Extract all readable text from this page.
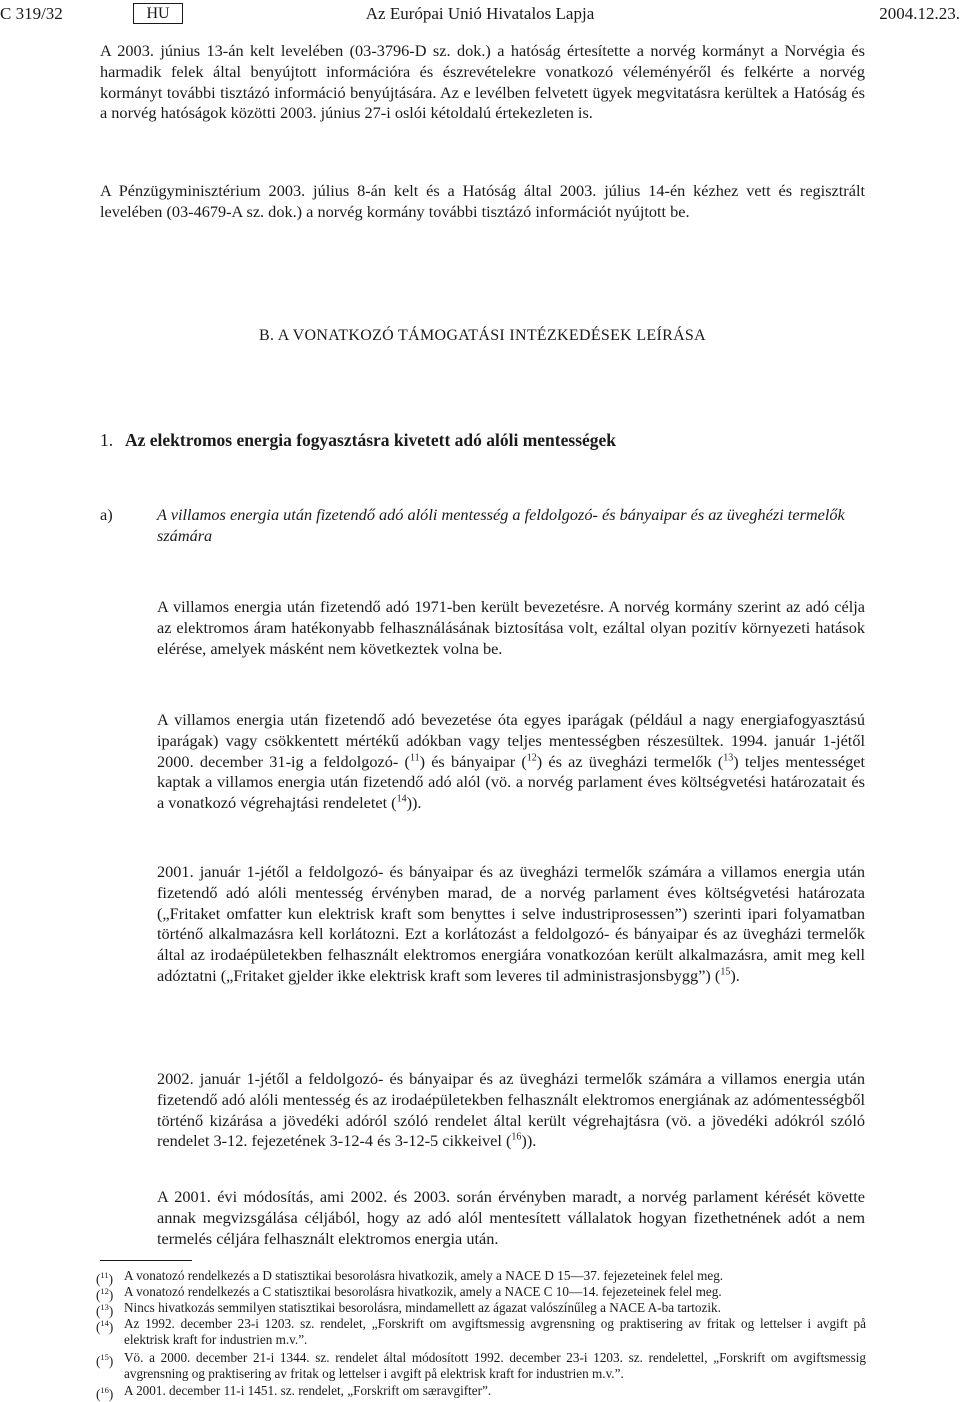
C 319/32	HU	Az Európai Unió Hivatalos Lapja	2004.12.23.

A 2003. június 13-án kelt levelében (03-3796-D sz. dok.) a hatóság értesítette a norvég kormányt a Norvégia és harmadik felek által benyújtott információra és észrevételekre vonatkozó véleményéről és felkérte a norvég kormányt további tisztázó információ benyújtására. Az e levélben felvetett ügyek megvitatásra kerültek a Hatóság és a norvég hatóságok közötti 2003. június 27-i oslói kétoldalú értekezleten is.

A Pénzügyminisztérium 2003. július 8-án kelt és a Hatóság által 2003. július 14-én kézhez vett és regisztrált levelében (03-4679-A sz. dok.) a norvég kormány további tisztázó információt nyújtott be.

B. A VONATKOZÓ TÁMOGATÁSI INTÉZKEDÉSEK LEÍRÁSA
1. Az elektromos energia fogyasztásra kivetett adó alóli mentességek
a)	A villamos energia után fizetendő adó alóli mentesség a feldolgozó- és bányaipar és az üveghézi termelők számára

A villamos energia után fizetendő adó 1971-ben került bevezetésre. A norvég kormány szerint az adó célja az elektromos áram hatékonyabb felhasználásának biztosítása volt, ezáltal olyan pozitív környezeti hatások elérése, amelyek másként nem következtek volna be.

A villamos energia után fizetendő adó bevezetése óta egyes iparágak (például a nagy energiafogyasztású iparágak) vagy csökkentett mértékű adókban vagy teljes mentességben részesültek. 1994. január 1-jétől 2000. december 31-ig a feldolgozó- ($^{11}$) és bányaipar ($^{12}$) és az üvegházi termelők ($^{13}$) teljes mentességet kaptak a villamos energia után fizetendő adó alól (vö. a norvég parlament éves költségvetési határozatait és a vonatkozó végrehajtási rendeletet ($^{14}$)).

2001. január 1-jétől a feldolgozó- és bányaipar és az üvegházi termelők számára a villamos energia után fizetendő adó alóli mentesség érvényben marad, de a norvég parlament éves költségvetési határozata („Fritaket omfatter kun elektrisk kraft som benyttes i selve industriprosessen”) szerinti ipari folyamatban történő alkalmazásra kell korlátozni. Ezt a korlátozást a feldolgozó- és bányaipar és az üvegházi termelők által az irodaépületekben felhasznált elektromos energiára vonatkozóan került alkalmazásra, amit meg kell adóztatni („Fritaket gjelder ikke elektrisk kraft som leveres til administrasjonsbygg”) ($^{15}$).

2002. január 1-jétől a feldolgozó- és bányaipar és az üvegházi termelők számára a villamos energia után fizetendő adó alóli mentesség és az irodaépületekben felhasznált elektromos energiának az adómentességből történő kizárása a jövedéki adóról szóló rendelet által került végrehajtásra (vö. a jövedéki adókról szóló rendelet 3-12. fejezetének 3-12-4 és 3-12-5 cikkeivel ($^{16}$)).

A 2001. évi módosítás, ami 2002. és 2003. során érvényben maradt, a norvég parlament kérését követte annak megvizsgálása céljából, hogy az adó alól mentesített vállalatok hogyan fizethetnének adót a nem termelés céljára felhasznált elektromos energia után.

($^{11}$) A vonatozó rendelkezés a D statisztikai besorolásra hivatkozik, amely a NACE D 15—37. fejezeteinek felel meg.
($^{12}$) A vonatozó rendelkezés a C statisztikai besorolásra hivatkozik, amely a NACE C 10—14. fejezeteinek felel meg.
($^{13}$) Nincs hivatkozás semmilyen statisztikai besorolásra, mindamellett az ágazat valószínűleg a NACE A-ba tartozik.
($^{14}$) Az 1992. december 23-i 1203. sz. rendelet, „Forskrift om avgiftsmessig avgrensning og praktisering av fritak og lettelser i avgift på elektrisk kraft for industrien m.v.”.
($^{15}$) Vö. a 2000. december 21-i 1344. sz. rendelet által módosított 1992. december 23-i 1203. sz. rendelettel, „Forskrift om avgiftsmessig avgrensning og praktisering av fritak og lettelser i avgift på elektrisk kraft for industrien m.v.”.
($^{16}$) A 2001. december 11-i 1451. sz. rendelet, „Forskrift om særavgifter”.
